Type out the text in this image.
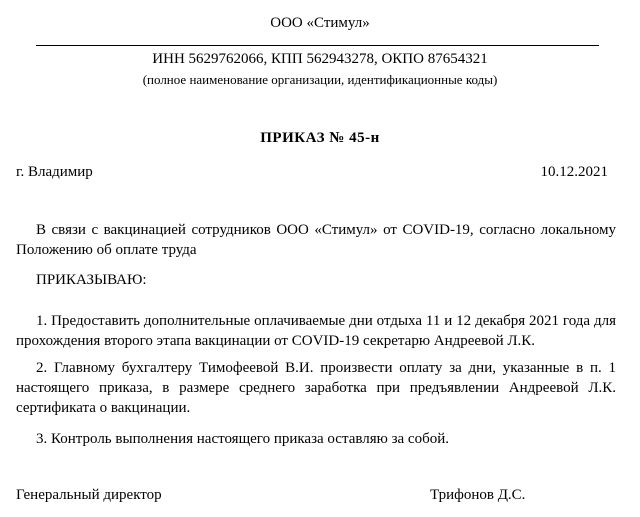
ООО «Стимул»
ИНН 5629762066, КПП 562943278, ОКПО 87654321
(полное наименование организации, идентификационные коды)
ПРИКАЗ № 45-н
г. Владимир	10.12.2021

В связи с вакцинацией сотрудников ООО «Стимул» от COVID-19, согласно локальному Положению об оплате труда

ПРИКАЗЫВАЮ:

1. Предоставить дополнительные оплачиваемые дни отдыха 11 и 12 декабря 2021 года для прохождения второго этапа вакцинации от COVID-19 секретарю Андреевой Л.К.

2. Главному бухгалтеру Тимофеевой В.И. произвести оплату за дни, указанные в п. 1 настоящего приказа, в размере среднего заработка при предъявлении Андреевой Л.К. сертификата о вакцинации.

3. Контроль выполнения настоящего приказа оставляю за собой.

Генеральный директор	Трифонов Д.С.
